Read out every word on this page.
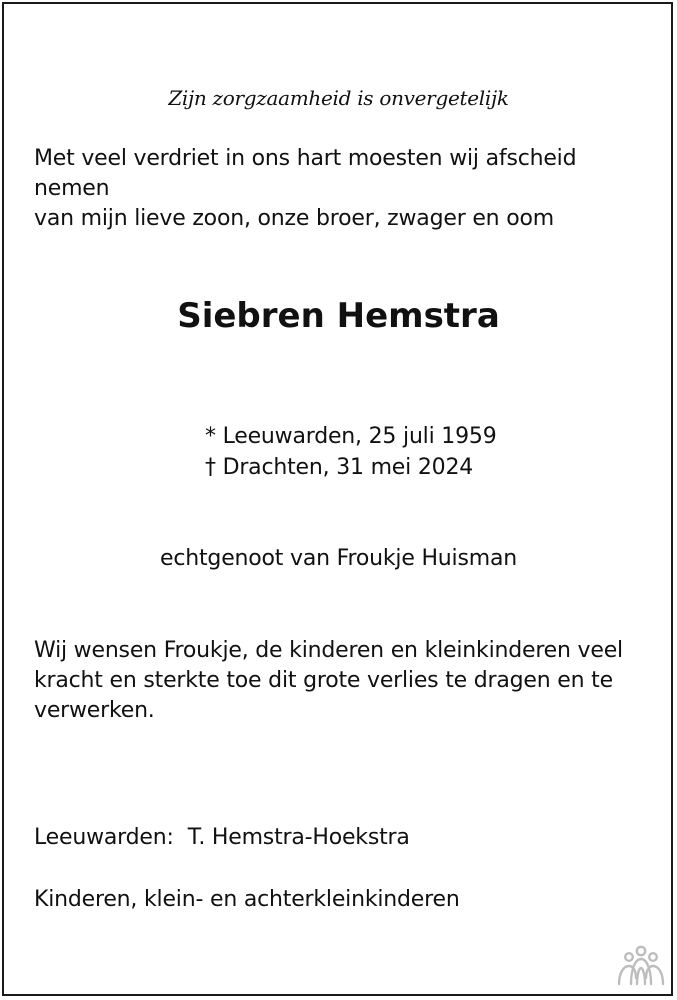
Zijn zorgzaamheid is onvergetelijk
Met veel verdriet in ons hart moesten wij afscheid nemen
van mijn lieve zoon, onze broer, zwager en oom
Siebren Hemstra
* Leeuwarden, 25 juli 1959
† Drachten, 31 mei 2024
echtgenoot van Froukje Huisman
Wij wensen Froukje, de kinderen en kleinkinderen veel
kracht en sterkte toe dit grote verlies te dragen en te
verwerken.
Leeuwarden: T. Hemstra-Hoekstra
Kinderen, klein- en achterkleinkinderen
